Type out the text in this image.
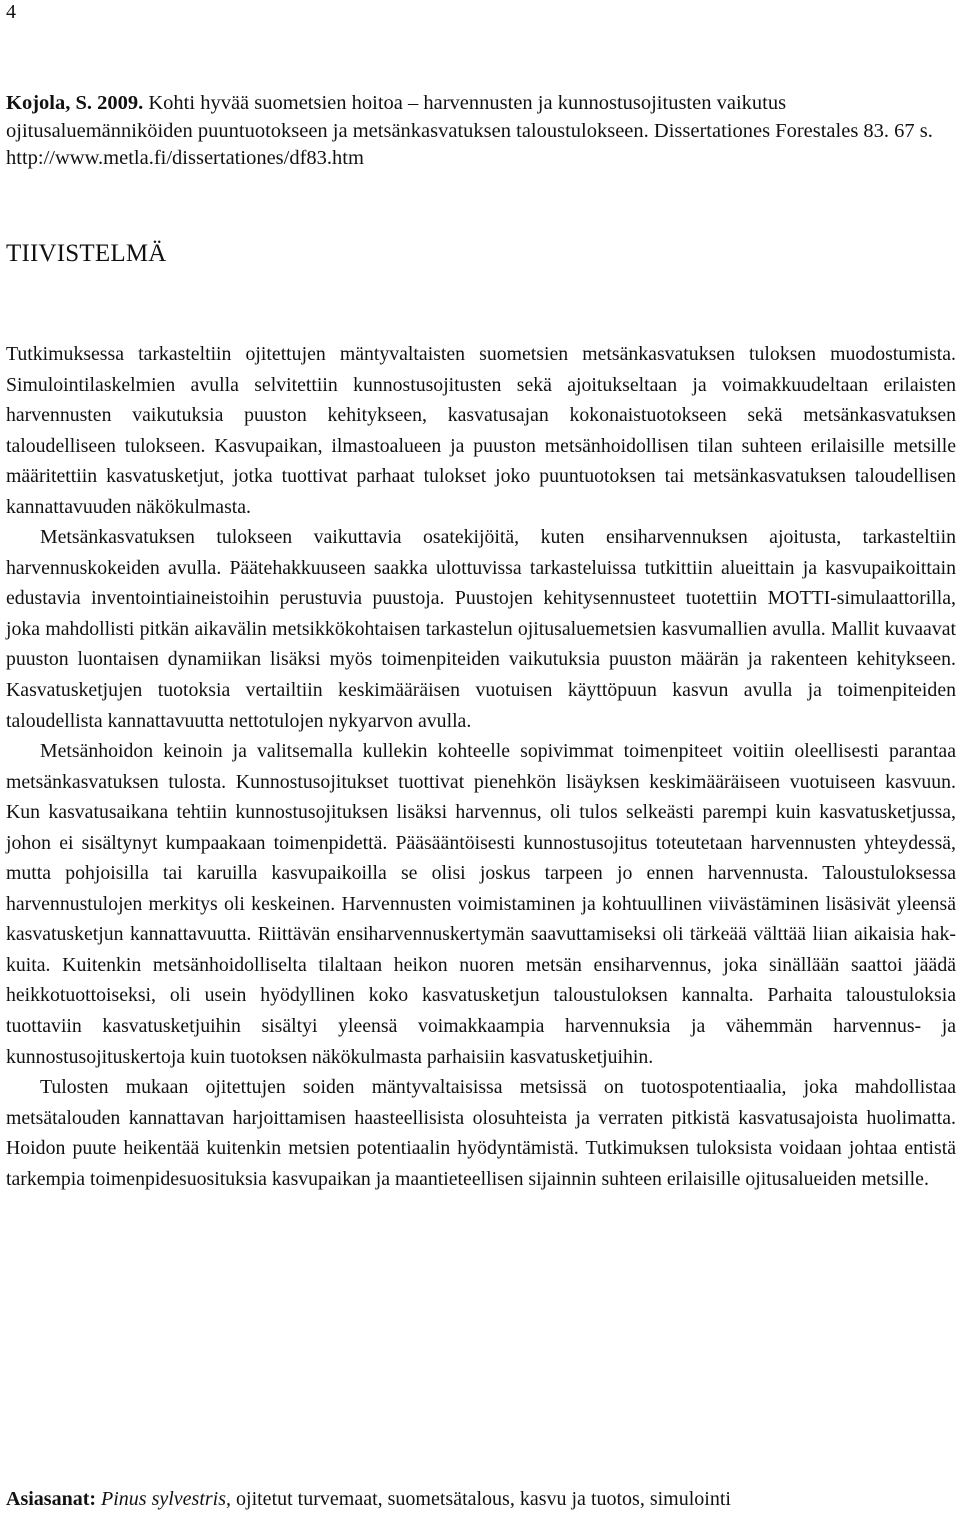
4
Kojola, S. 2009. Kohti hyvää suometsien hoitoa – harvennusten ja kunnostusojitusten vaikutus ojitusaluemänniköiden puuntuotokseen ja metsänkasvatuksen taloustulokseen. Dissertationes Forestales 83. 67 s. http://www.metla.fi/dissertationes/df83.htm
TIIVISTELMÄ

Tutkimuksessa tarkasteltiin ojitettujen mäntyvaltaisten suometsien metsänkasvatuksen tuloksen muodostumista. Simulointilaskelmien avulla selvitettiin kunnostusojitusten sekä ajoitukseltaan ja voimakkuudeltaan erilaisten harvennusten vaikutuksia puuston kehitykseen, kasvatusajan kokonaistuotokseen sekä metsänkasvatuksen taloudelliseen tulokseen. Kasvupaikan, ilmastoalueen ja puuston metsänhoidollisen tilan suhteen erilaisille metsille määritettiin kasvatusketjut, jotka tuottivat parhaat tulokset joko puuntuotoksen tai metsänkasvatuksen taloudellisen kannattavuuden näkökulmasta.

Metsänkasvatuksen tulokseen vaikuttavia osatekijöitä, kuten ensiharvennuksen ajoitusta, tarkasteltiin harvennuskokeiden avulla. Päätehakkuuseen saakka ulottuvissa tarkasteluissa tutkittiin alueittain ja kasvupaikoittain edustavia inventointiaineistoihin perustuvia puustoja. Puustojen kehitysennusteet tuotettiin MOTTI-simulaattorilla, joka mahdollisti pitkän aikavälin metsikkökohtaisen tarkastelun ojitusaluemetsien kasvumallien avulla. Mallit kuvaavat puuston luontaisen dynamiikan lisäksi myös toimenpiteiden vaikutuksia puuston määrän ja rakenteen kehitykseen. Kasvatusketjujen tuotoksia vertailtiin keskimääräisen vuotuisen käyttöpuun kasvun avulla ja toimenpiteiden taloudellista kannattavuutta nettotulojen nykyarvon avulla.

Metsänhoidon keinoin ja valitsemalla kullekin kohteelle sopivimmat toimenpiteet voitiin oleellisesti parantaa metsänkasvatuksen tulosta. Kunnostusojitukset tuottivat pienehkön lisäyksen keskimääräiseen vuotuiseen kasvuun. Kun kasvatusaikana tehtiin kunnostusojituksen lisäksi harvennus, oli tulos selkeästi parempi kuin kasvatusketjussa, johon ei sisältynyt kumpaakaan toimenpidettä. Pääsääntöisesti kunnostusojitus toteutetaan harvennusten yhteydessä, mutta pohjoisilla tai karuilla kasvupaikoilla se olisi joskus tarpeen jo ennen harvennusta. Taloustuloksessa harvennustulojen merkitys oli keskeinen. Harvennusten voimistaminen ja kohtuullinen viivästäminen lisäsivät yleensä kasvatusketjun kannattavuutta. Riittävän ensiharvennuskertymän saavuttamiseksi oli tärkeää välttää liian aikaisia hakkuita. Kuitenkin metsänhoidolliselta tilaltaan heikon nuoren metsän ensiharvennus, joka sinällään saattoi jäädä heikkotuottoiseksi, oli usein hyödyllinen koko kasvatusketjun taloustuloksen kannalta. Parhaita taloustuloksia tuottaviin kasvatusketjuihin sisältyi yleensä voimakkaampia harvennuksia ja vähemmän harvennus- ja kunnostusojituskertoja kuin tuotoksen näkökulmasta parhaisiin kasvatusketjuihin.

Tulosten mukaan ojitettujen soiden mäntyvaltaisissa metsissä on tuotospotentiaalia, joka mahdollistaa metsätalouden kannattavan harjoittamisen haasteellisista olosuhteista ja verraten pitkistä kasvatusajoista huolimatta. Hoidon puute heikentää kuitenkin metsien potentiaalin hyödyntämistä. Tutkimuksen tuloksista voidaan johtaa entistä tarkempia toimenpidesuosituksia kasvupaikan ja maantieteellisen sijainnin suhteen erilaisille ojitusalueiden metsille.

Asiasanat: Pinus sylvestris, ojitetut turvemaat, suometsätalous, kasvu ja tuotos, simulointi
